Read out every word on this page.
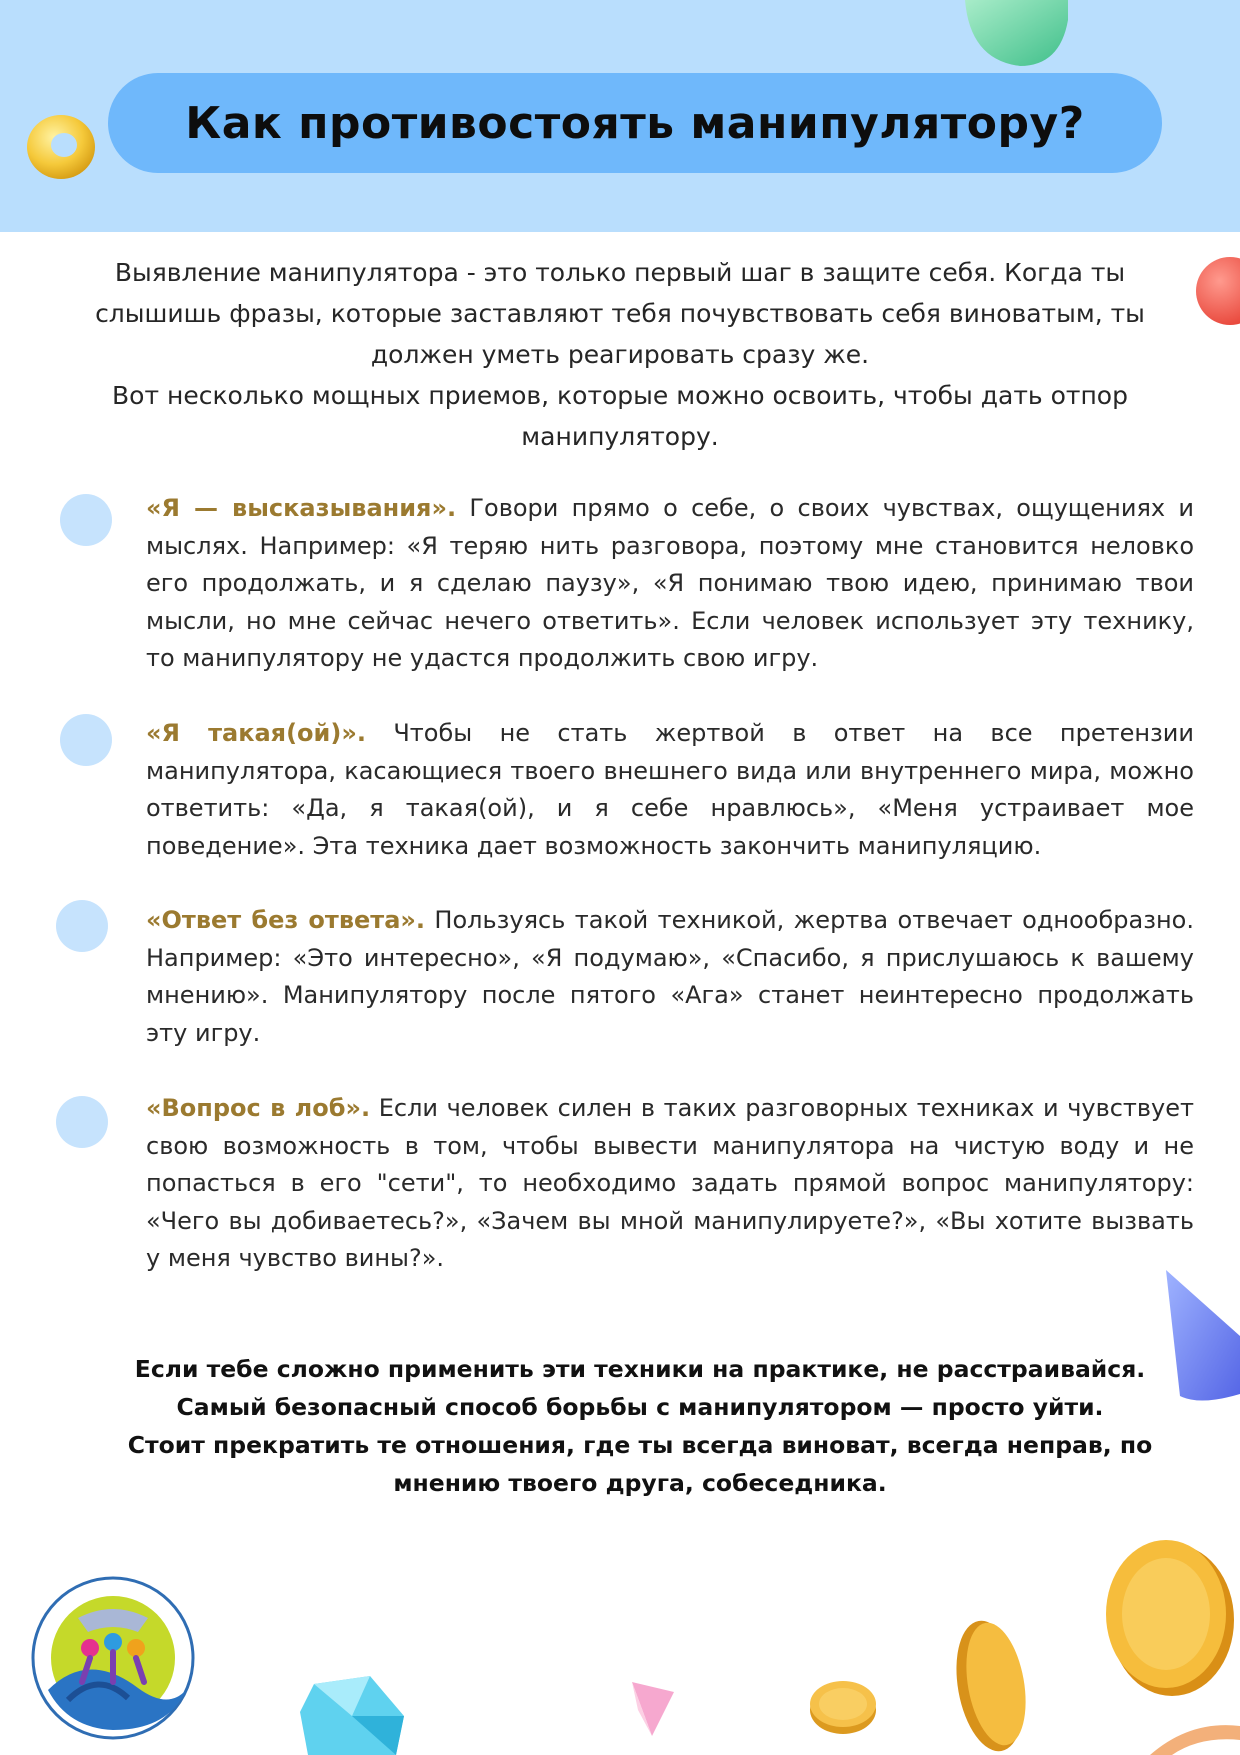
Как противостоять манипулятору?

Выявление манипулятора - это только первый шаг в защите себя. Когда ты слышишь фразы, которые заставляют тебя почувствовать себя виноватым, ты должен уметь реагировать сразу же.

Вот несколько мощных приемов, которые можно освоить, чтобы дать отпор манипулятору.

«Я — высказывания». Говори прямо о себе, о своих чувствах, ощущениях и мыслях. Например: «Я теряю нить разговора, поэтому мне становится неловко его продолжать, и я сделаю паузу», «Я понимаю твою идею, принимаю твои мысли, но мне сейчас нечего ответить». Если человек использует эту технику, то манипулятору не удастся продолжить свою игру.
«Я такая(ой)». Чтобы не стать жертвой в ответ на все претензии манипулятора, касающиеся твоего внешнего вида или внутреннего мира, можно ответить: «Да, я такая(ой), и я себе нравлюсь», «Меня устраивает мое поведение». Эта техника дает возможность закончить манипуляцию.
«Ответ без ответа». Пользуясь такой техникой, жертва отвечает однообразно. Например: «Это интересно», «Я подумаю», «Спасибо, я прислушаюсь к вашему мнению». Манипулятору после пятого «Ага» станет неинтересно продолжать эту игру.
«Вопрос в лоб». Если человек силен в таких разговорных техниках и чувствует свою возможность в том, чтобы вывести манипулятора на чистую воду и не попасться в его "сети", то необходимо задать прямой вопрос манипулятору: «Чего вы добиваетесь?», «Зачем вы мной манипулируете?», «Вы хотите вызвать у меня чувство вины?».

Если тебе сложно применить эти техники на практике, не расстраивайся.

Самый безопасный способ борьбы с манипулятором — просто уйти.

Стоит прекратить те отношения, где ты всегда виноват, всегда неправ, по мнению твоего друга, собеседника.
